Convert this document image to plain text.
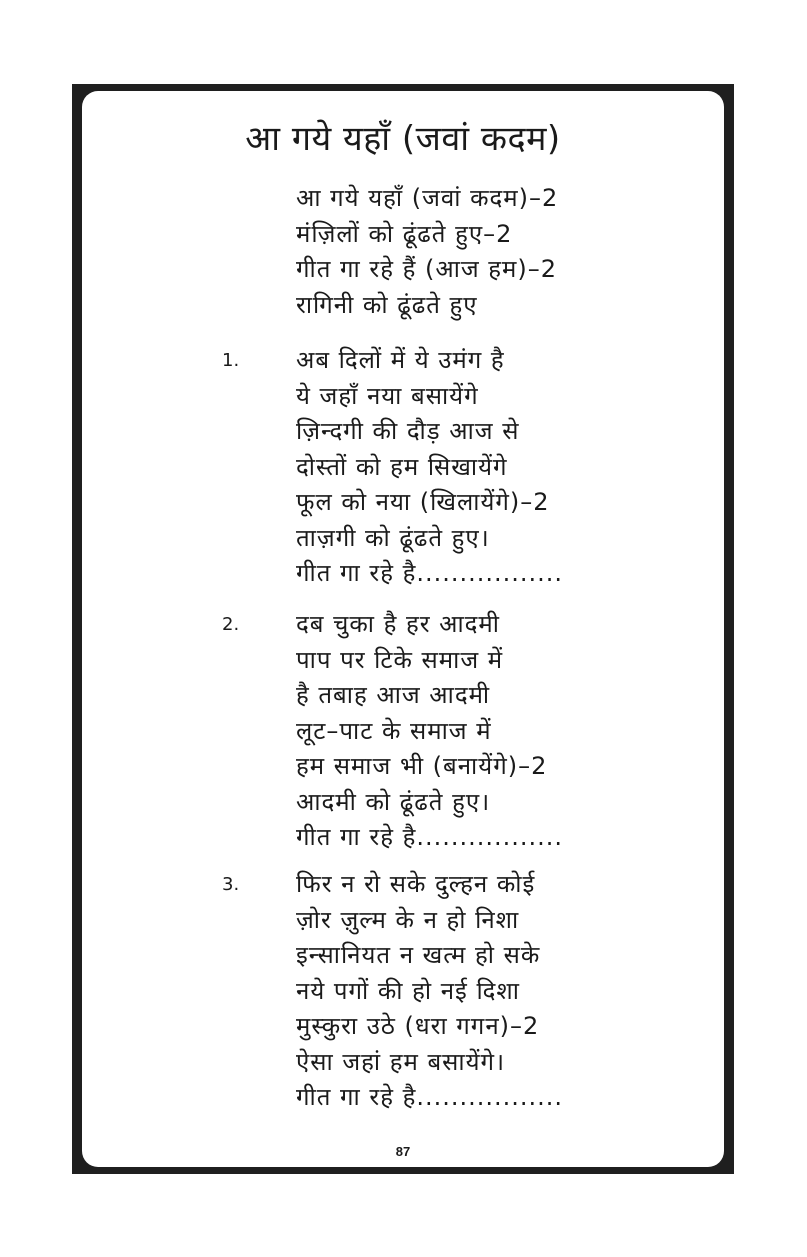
आ गये यहाँ (जवां कदम)
आ गये यहाँ (जवां कदम)–2
मंज़िलों को ढूंढते हुए–2
गीत गा रहे हैं (आज हम)–2
रागिनी को ढूंढते हुए
1. अब दिलों में ये उमंग है
ये जहाँ नया बसायेंगे
ज़िन्दगी की दौड़ आज से
दोस्तों को हम सिखायेंगे
फूल को नया (खिलायेंगे)–2
ताज़गी को ढूंढते हुए।
गीत गा रहे है.................
2. दब चुका है हर आदमी
पाप पर टिके समाज में
है तबाह आज आदमी
लूट–पाट के समाज में
हम समाज भी (बनायेंगे)–2
आदमी को ढूंढते हुए।
गीत गा रहे है.................
3. फिर न रो सके दुल्हन कोई
ज़ोर ज़ुल्म के न हो निशा
इन्सानियत न खत्म हो सके
नये पगों की हो नई दिशा
मुस्कुरा उठे (धरा गगन)–2
ऐसा जहां हम बसायेंगे।
गीत गा रहे है.................
87
